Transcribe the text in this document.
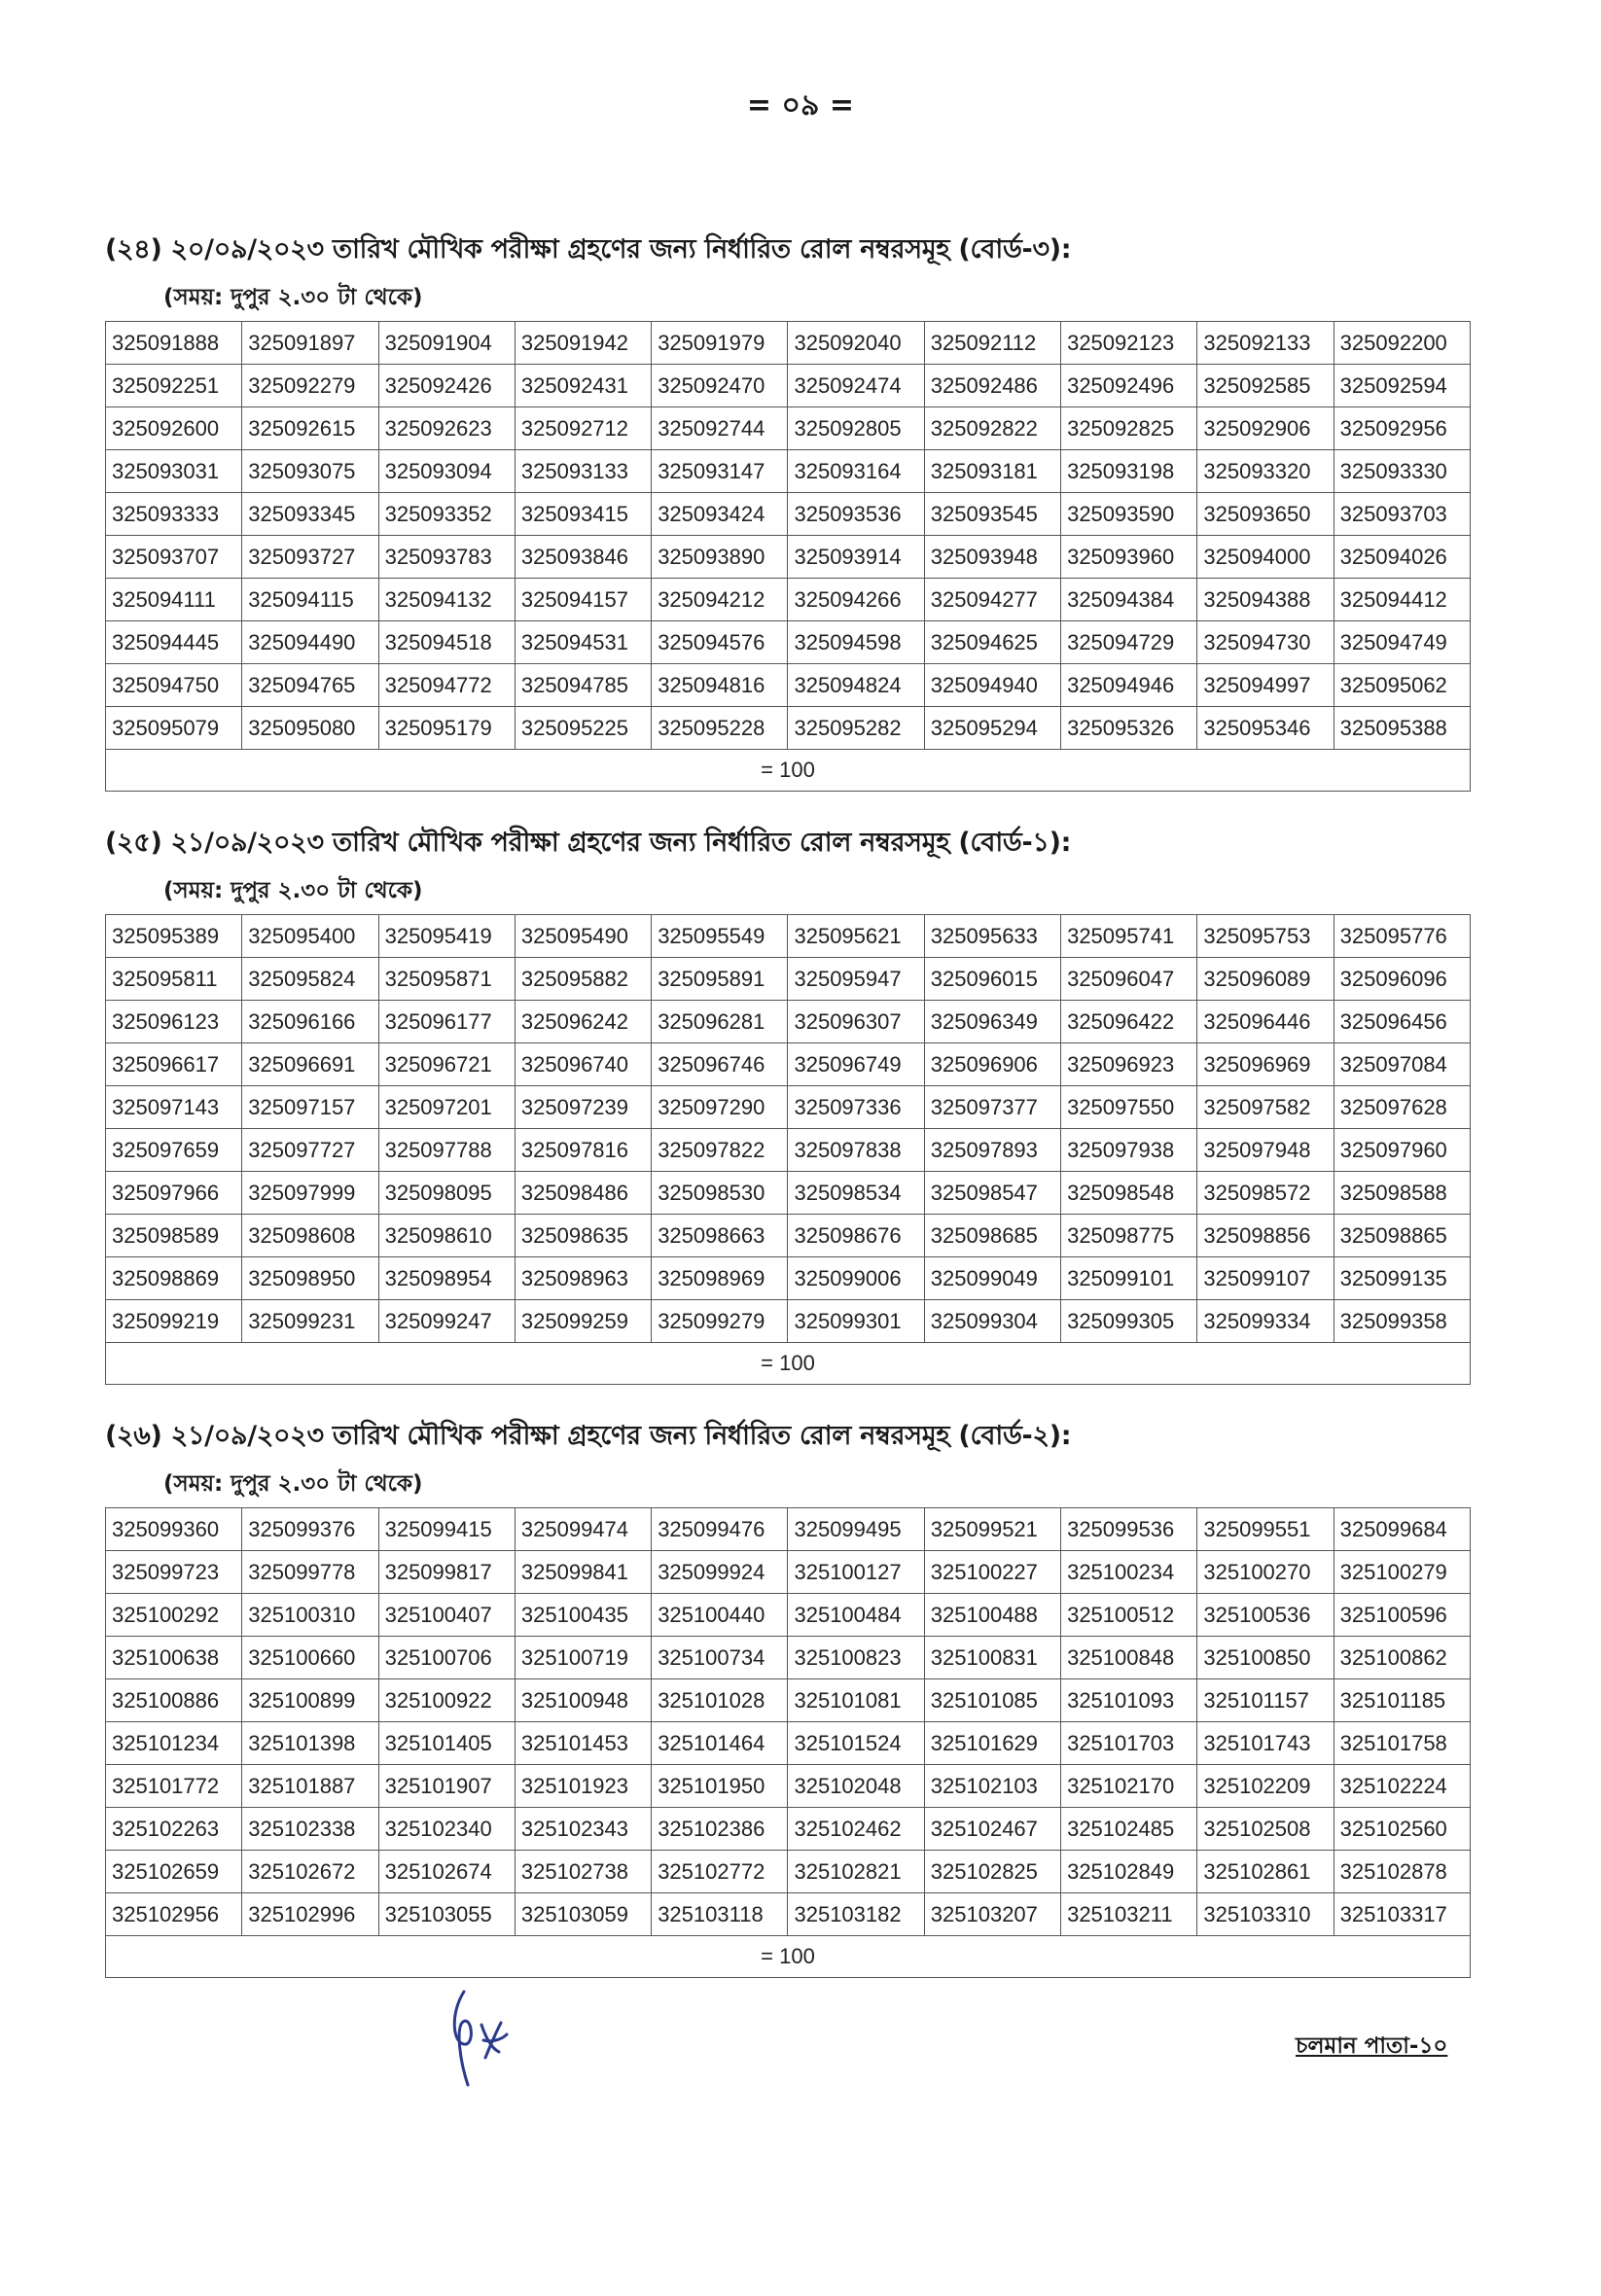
= ০৯ =
(২৪) ২০/০৯/২০২৩ তারিখ মৌখিক পরীক্ষা গ্রহণের জন্য নির্ধারিত রোল নম্বরসমূহ (বোর্ড-৩):
(সময়: দুপুর ২.৩০ টা থেকে)
325091888	325091897	325091904	325091942	325091979	325092040	325092112	325092123	325092133	325092200
325092251	325092279	325092426	325092431	325092470	325092474	325092486	325092496	325092585	325092594
325092600	325092615	325092623	325092712	325092744	325092805	325092822	325092825	325092906	325092956
325093031	325093075	325093094	325093133	325093147	325093164	325093181	325093198	325093320	325093330
325093333	325093345	325093352	325093415	325093424	325093536	325093545	325093590	325093650	325093703
325093707	325093727	325093783	325093846	325093890	325093914	325093948	325093960	325094000	325094026
325094111	325094115	325094132	325094157	325094212	325094266	325094277	325094384	325094388	325094412
325094445	325094490	325094518	325094531	325094576	325094598	325094625	325094729	325094730	325094749
325094750	325094765	325094772	325094785	325094816	325094824	325094940	325094946	325094997	325095062
325095079	325095080	325095179	325095225	325095228	325095282	325095294	325095326	325095346	325095388
= 100									
(২৫) ২১/০৯/২০২৩ তারিখ মৌখিক পরীক্ষা গ্রহণের জন্য নির্ধারিত রোল নম্বরসমূহ (বোর্ড-১):
(সময়: দুপুর ২.৩০ টা থেকে)
325095389	325095400	325095419	325095490	325095549	325095621	325095633	325095741	325095753	325095776
325095811	325095824	325095871	325095882	325095891	325095947	325096015	325096047	325096089	325096096
325096123	325096166	325096177	325096242	325096281	325096307	325096349	325096422	325096446	325096456
325096617	325096691	325096721	325096740	325096746	325096749	325096906	325096923	325096969	325097084
325097143	325097157	325097201	325097239	325097290	325097336	325097377	325097550	325097582	325097628
325097659	325097727	325097788	325097816	325097822	325097838	325097893	325097938	325097948	325097960
325097966	325097999	325098095	325098486	325098530	325098534	325098547	325098548	325098572	325098588
325098589	325098608	325098610	325098635	325098663	325098676	325098685	325098775	325098856	325098865
325098869	325098950	325098954	325098963	325098969	325099006	325099049	325099101	325099107	325099135
325099219	325099231	325099247	325099259	325099279	325099301	325099304	325099305	325099334	325099358
= 100									
(২৬) ২১/০৯/২০২৩ তারিখ মৌখিক পরীক্ষা গ্রহণের জন্য নির্ধারিত রোল নম্বরসমূহ (বোর্ড-২):
(সময়: দুপুর ২.৩০ টা থেকে)
325099360	325099376	325099415	325099474	325099476	325099495	325099521	325099536	325099551	325099684
325099723	325099778	325099817	325099841	325099924	325100127	325100227	325100234	325100270	325100279
325100292	325100310	325100407	325100435	325100440	325100484	325100488	325100512	325100536	325100596
325100638	325100660	325100706	325100719	325100734	325100823	325100831	325100848	325100850	325100862
325100886	325100899	325100922	325100948	325101028	325101081	325101085	325101093	325101157	325101185
325101234	325101398	325101405	325101453	325101464	325101524	325101629	325101703	325101743	325101758
325101772	325101887	325101907	325101923	325101950	325102048	325102103	325102170	325102209	325102224
325102263	325102338	325102340	325102343	325102386	325102462	325102467	325102485	325102508	325102560
325102659	325102672	325102674	325102738	325102772	325102821	325102825	325102849	325102861	325102878
325102956	325102996	325103055	325103059	325103118	325103182	325103207	325103211	325103310	325103317
= 100									
চলমান পাতা-১০
